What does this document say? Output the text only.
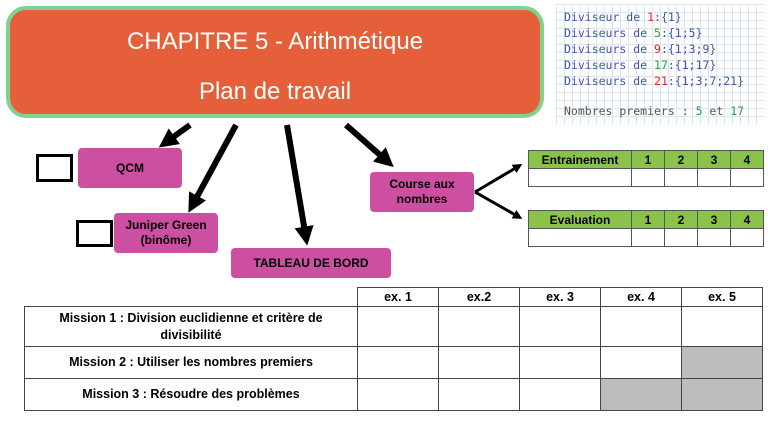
CHAPITRE 5 - Arithmétique
Plan de travail
Diviseur de 1:{1}
Diviseurs de 5:{1;5}
Diviseurs de 9:{1;3;9}
Diviseurs de 17:{1;17}
Diviseurs de 21:{1;3;7;21}
Nombres premiers : 5 et 17
QCM
Juniper Green
(binôme)
TABLEAU DE BORD
Course aux
nombres
Entrainement	1	2	3	4

Evaluation	1	2	3	4

	ex. 1	ex.2	ex. 3	ex. 4	ex. 5

Mission 1 : Division euclidienne et critère de
divisibilité					

Mission 2 : Utiliser les nombres premiers					
Mission 3 : Résoudre des problèmes					
